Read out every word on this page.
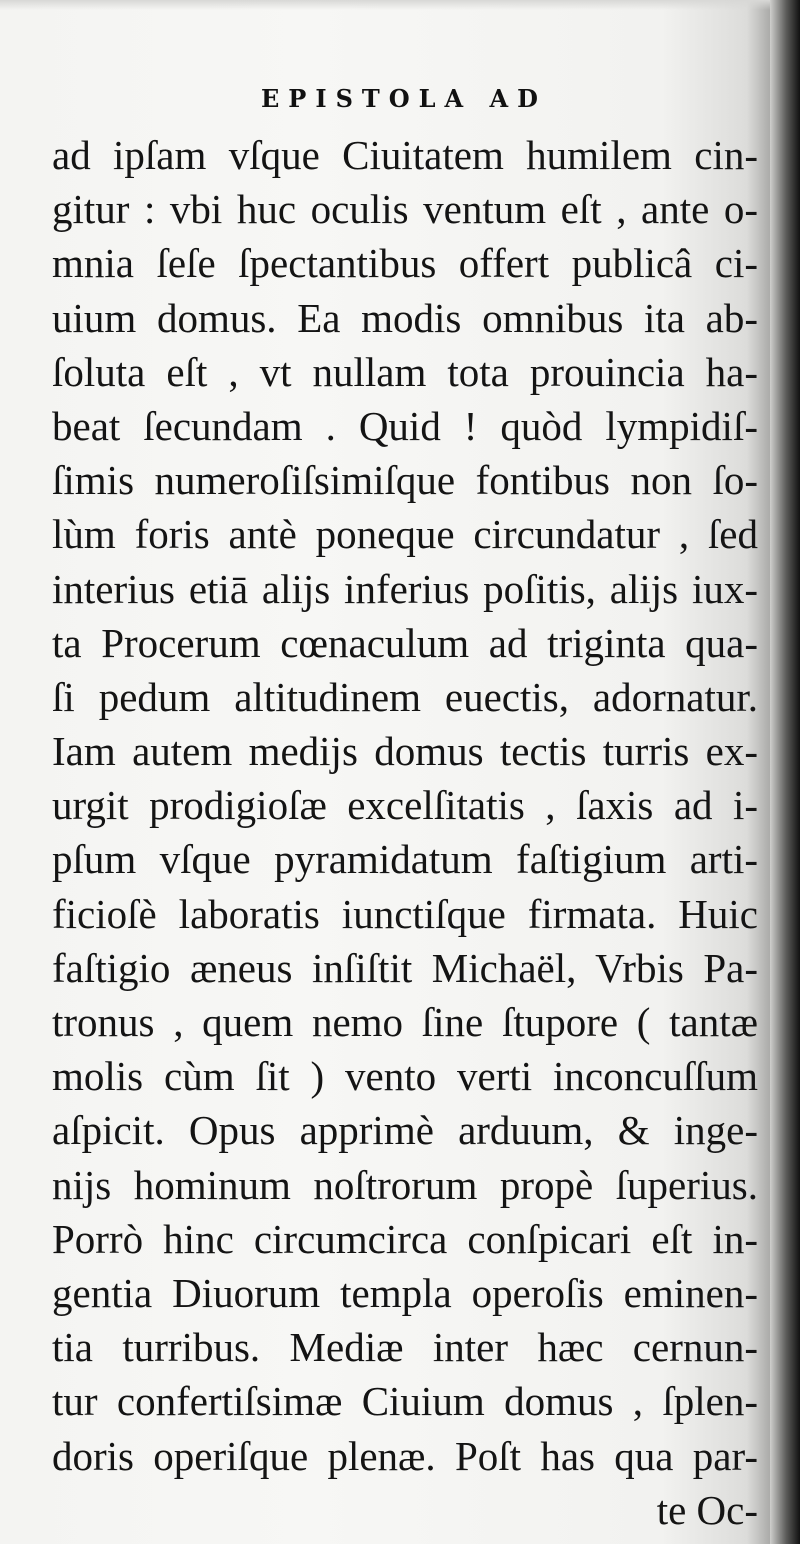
EPISTOLA AD
ad ipſam vſque Ciuitatem humilem cin-
gitur : vbi huc oculis ventum eſt , ante o-
mnia ſeſe ſpectantibus offert publicâ ci-
uium domus. Ea modis omnibus ita ab-
ſoluta eſt , vt nullam tota prouincia ha-
beat ſecundam . Quid ! quòd lympidiſ-
ſimis numeroſiſsimiſque fontibus non ſo-
lùm foris antè poneque circundatur , ſed
interius etiā aliјs inferius poſitis, aliјs iux-
ta Procerum cœnaculum ad triginta qua-
ſi pedum altitudinem euectis, adornatur.
Iam autem mediјs domus tectis turris ex-
urgit prodigioſæ excelſitatis , ſaxis ad i-
pſum vſque pyramidatum faſtigium arti-
ficioſè laboratis iunctiſque firmata. Huic
faſtigio æneus inſiſtit Michaël, Vrbis Pa-
tronus , quem nemo ſine ſtupore ( tantæ
molis cùm ſit ) vento verti inconcuſſum
aſpicit. Opus apprimè arduum, & inge-
niјs hominum noſtrorum propè ſuperius.
Porrò hinc circumcirca conſpicari eſt in-
gentia Diuorum templa operoſis eminen-
tia turribus. Mediæ inter hæc cernun-
tur confertiſsimæ Ciuium domus , ſplen-
doris operiſque plenæ. Poſt has qua par-
te Oc-
